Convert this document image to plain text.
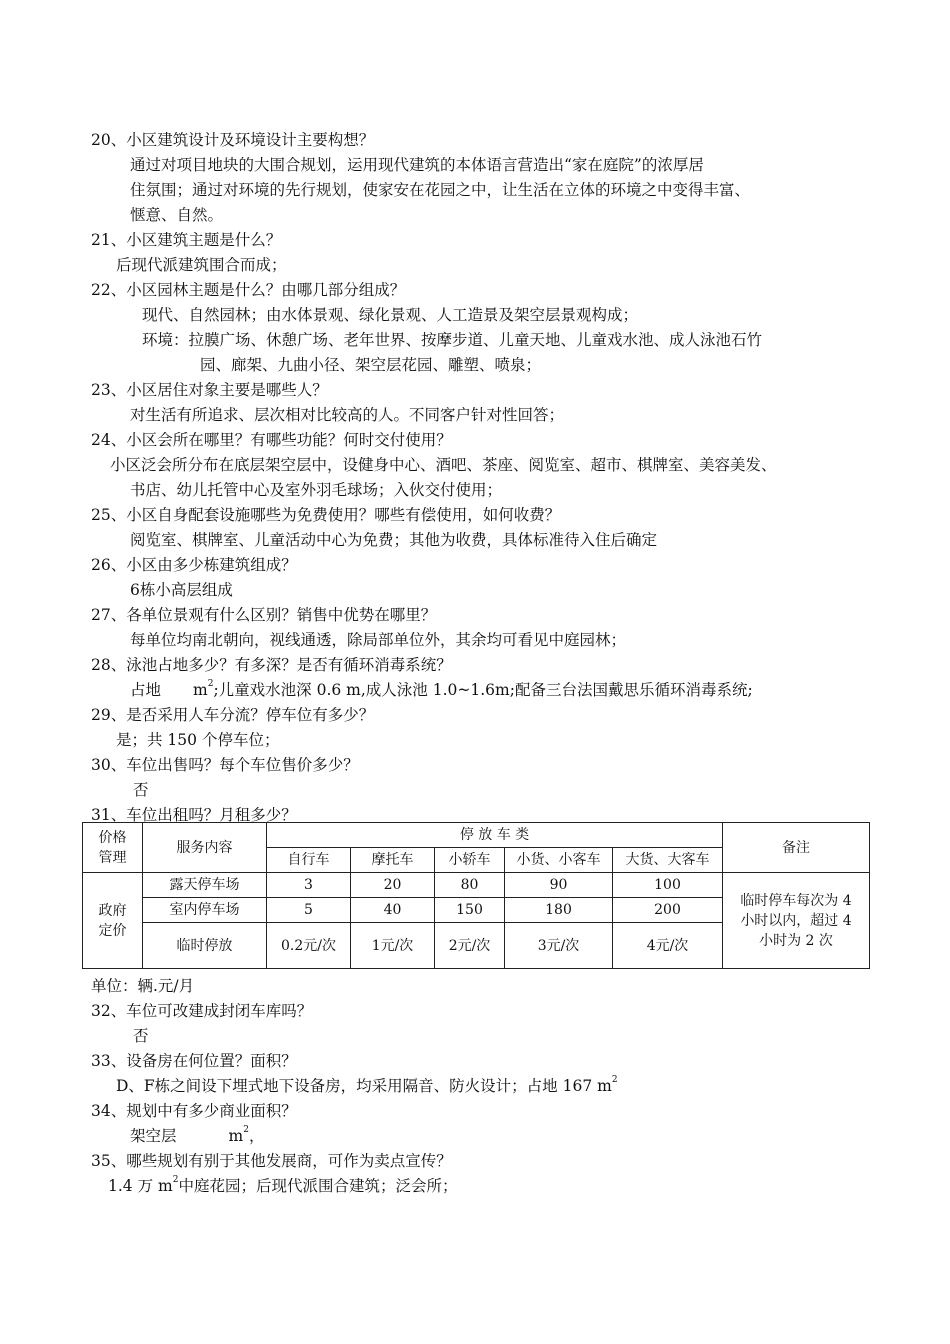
20、小区建筑设计及环境设计主要构想？
通过对项目地块的大围合规划，运用现代建筑的本体语言营造出“家在庭院”的浓厚居
住氛围；通过对环境的先行规划，使家安在花园之中，让生活在立体的环境之中变得丰富、
惬意、自然。
21、小区建筑主题是什么？
后现代派建筑围合而成；
22、小区园林主题是什么？由哪几部分组成？
现代、自然园林；由水体景观、绿化景观、人工造景及架空层景观构成；
环境：拉膜广场、休憩广场、老年世界、按摩步道、儿童天地、儿童戏水池、成人泳池石竹
园、廊架、九曲小径、架空层花园、雕塑、喷泉；
23、小区居住对象主要是哪些人？
对生活有所追求、层次相对比较高的人。不同客户针对性回答；
24、小区会所在哪里？有哪些功能？何时交付使用？
小区泛会所分布在底层架空层中，设健身中心、酒吧、茶座、阅览室、超市、棋牌室、美容美发、
书店、幼儿托管中心及室外羽毛球场；入伙交付使用；
25、小区自身配套设施哪些为免费使用？哪些有偿使用，如何收费？
阅览室、棋牌室、儿童活动中心为免费；其他为收费，具体标准待入住后确定
26、小区由多少栋建筑组成？
6栋小高层组成
27、各单位景观有什么区别？销售中优势在哪里？
每单位均南北朝向，视线通透，除局部单位外，其余均可看见中庭园林；
28、泳池占地多少？有多深？是否有循环消毒系统？
占地 $m^2$;儿童戏水池深 0.6 m,成人泳池 1.0~1.6m;配备三台法国戴思乐循环消毒系统;
29、是否采用人车分流？停车位有多少？
是；共 150 个停车位；
30、车位出售吗？每个车位售价多少？
否
31、车位出租吗？月租多少？
价格
管理	服务内容	停 放 车 类					备注
		自行车	摩托车	小轿车	小货、小客车	大货、大客车	
政府
定价	露天停车场	3	20	80	90	100	临时停车每次为 4
小时以内，超过 4
小时为 2 次
	室内停车场	5	40	150	180	200	
	临时停放	0.2元/次	1元/次	2元/次	3元/次	4元/次	
单位：辆.元/月
32、车位可改建成封闭车库吗？
否
33、设备房在何位置？面积？
D、F栋之间设下埋式地下设备房，均采用隔音、防火设计；占地 167 $m^2$
34、规划中有多少商业面积？
架空层	$m^2$，
35、哪些规划有别于其他发展商，可作为卖点宣传？
1.4 万 $m^2$中庭花园；后现代派围合建筑；泛会所；
